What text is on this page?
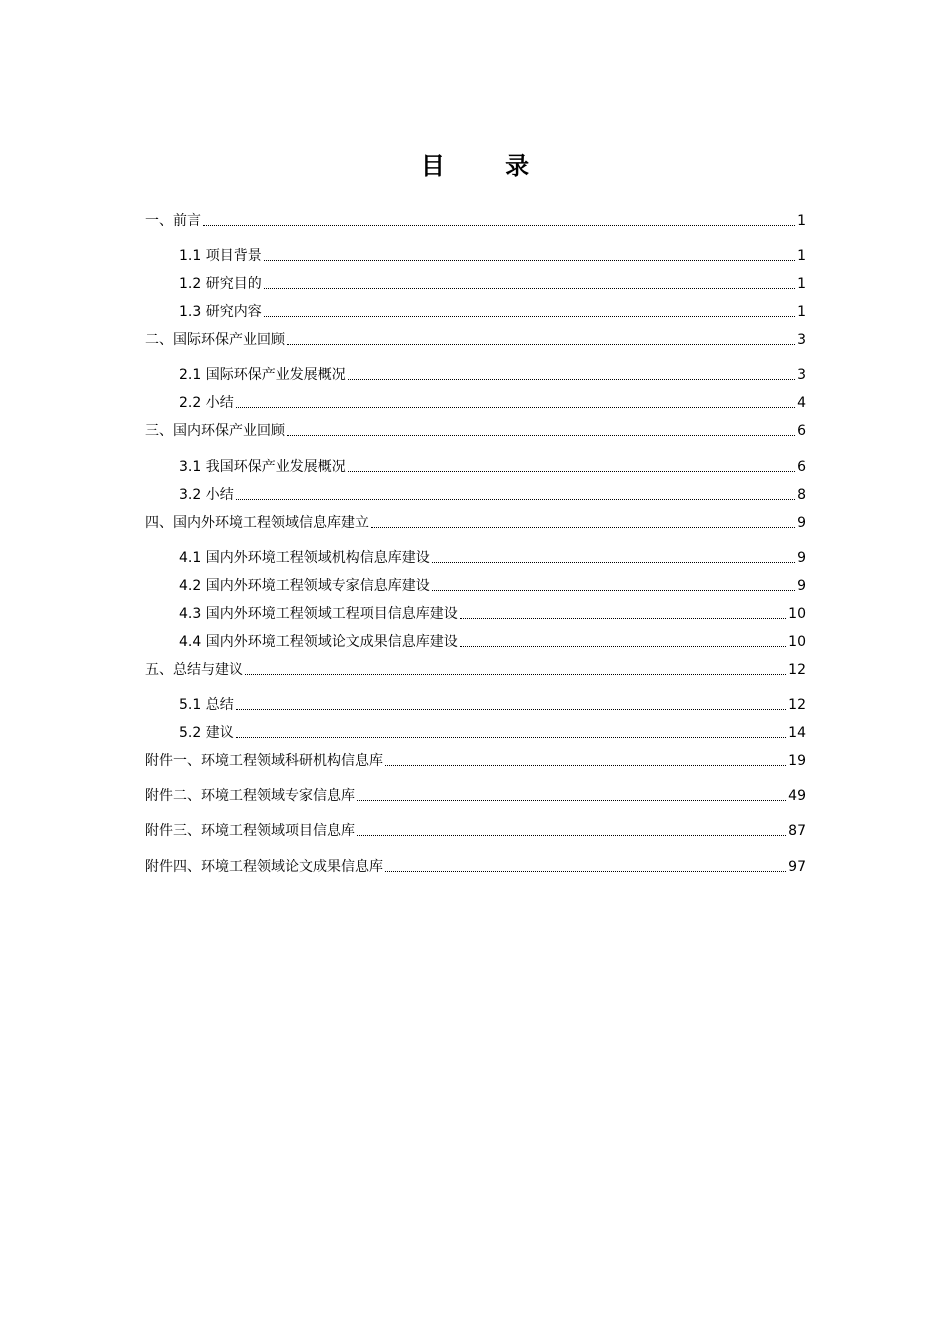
目 录
一、前言	1
1.1 项目背景	1
1.2 研究目的	1
1.3 研究内容	1
二、国际环保产业回顾	3
2.1 国际环保产业发展概况	3
2.2 小结	4
三、国内环保产业回顾	6
3.1 我国环保产业发展概况	6
3.2 小结	8
四、国内外环境工程领域信息库建立	9
4.1 国内外环境工程领域机构信息库建设	9
4.2 国内外环境工程领域专家信息库建设	9
4.3 国内外环境工程领域工程项目信息库建设	10
4.4 国内外环境工程领域论文成果信息库建设	10
五、总结与建议	12
5.1 总结	12
5.2 建议	14
附件一、环境工程领域科研机构信息库	19
附件二、环境工程领域专家信息库	49
附件三、环境工程领域项目信息库	87
附件四、环境工程领域论文成果信息库	97
